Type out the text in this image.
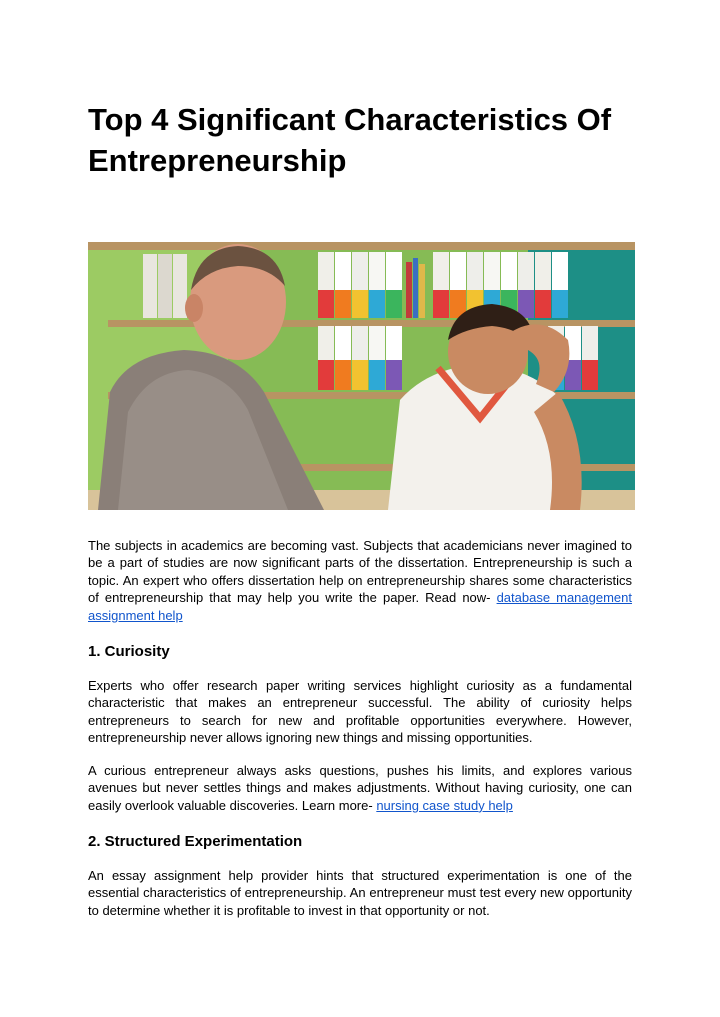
Top 4 Significant Characteristics Of Entrepreneurship

The subjects in academics are becoming vast. Subjects that academicians never imagined to be a part of studies are now significant parts of the dissertation. Entrepreneurship is such a topic. An expert who offers dissertation help on entrepreneurship shares some characteristics of entrepreneurship that may help you write the paper. Read now- database management assignment help

1. Curiosity

Experts who offer research paper writing services highlight curiosity as a fundamental characteristic that makes an entrepreneur successful. The ability of curiosity helps entrepreneurs to search for new and profitable opportunities everywhere. However, entrepreneurship never allows ignoring new things and missing opportunities.

A curious entrepreneur always asks questions, pushes his limits, and explores various avenues but never settles things and makes adjustments. Without having curiosity, one can easily overlook valuable discoveries. Learn more- nursing case study help

2. Structured Experimentation

An essay assignment help provider hints that structured experimentation is one of the essential characteristics of entrepreneurship. An entrepreneur must test every new opportunity to determine whether it is profitable to invest in that opportunity or not.
